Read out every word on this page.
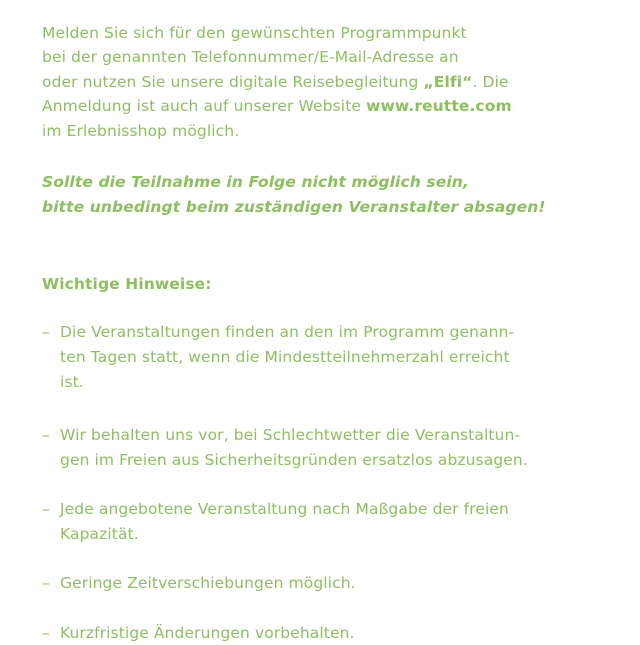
Melden Sie sich für den gewünschten Programmpunkt
bei der genannten Telefonnummer/E-Mail-Adresse an
oder nutzen Sie unsere digitale Reisebegleitung „Elfi“. Die
Anmeldung ist auch auf unserer Website www.reutte.com
im Erlebnisshop möglich.
Sollte die Teilnahme in Folge nicht möglich sein,
bitte unbedingt beim zuständigen Veranstalter absagen!
Wichtige Hinweise:
– Die Veranstaltungen finden an den im Programm genann-
ten Tagen statt, wenn die Mindestteilnehmerzahl erreicht
ist.
– Wir behalten uns vor, bei Schlechtwetter die Veranstaltun-
gen im Freien aus Sicherheitsgründen ersatzlos abzusagen.
– Jede angebotene Veranstaltung nach Maßgabe der freien
Kapazität.
– Geringe Zeitverschiebungen möglich.
– Kurzfristige Änderungen vorbehalten.
